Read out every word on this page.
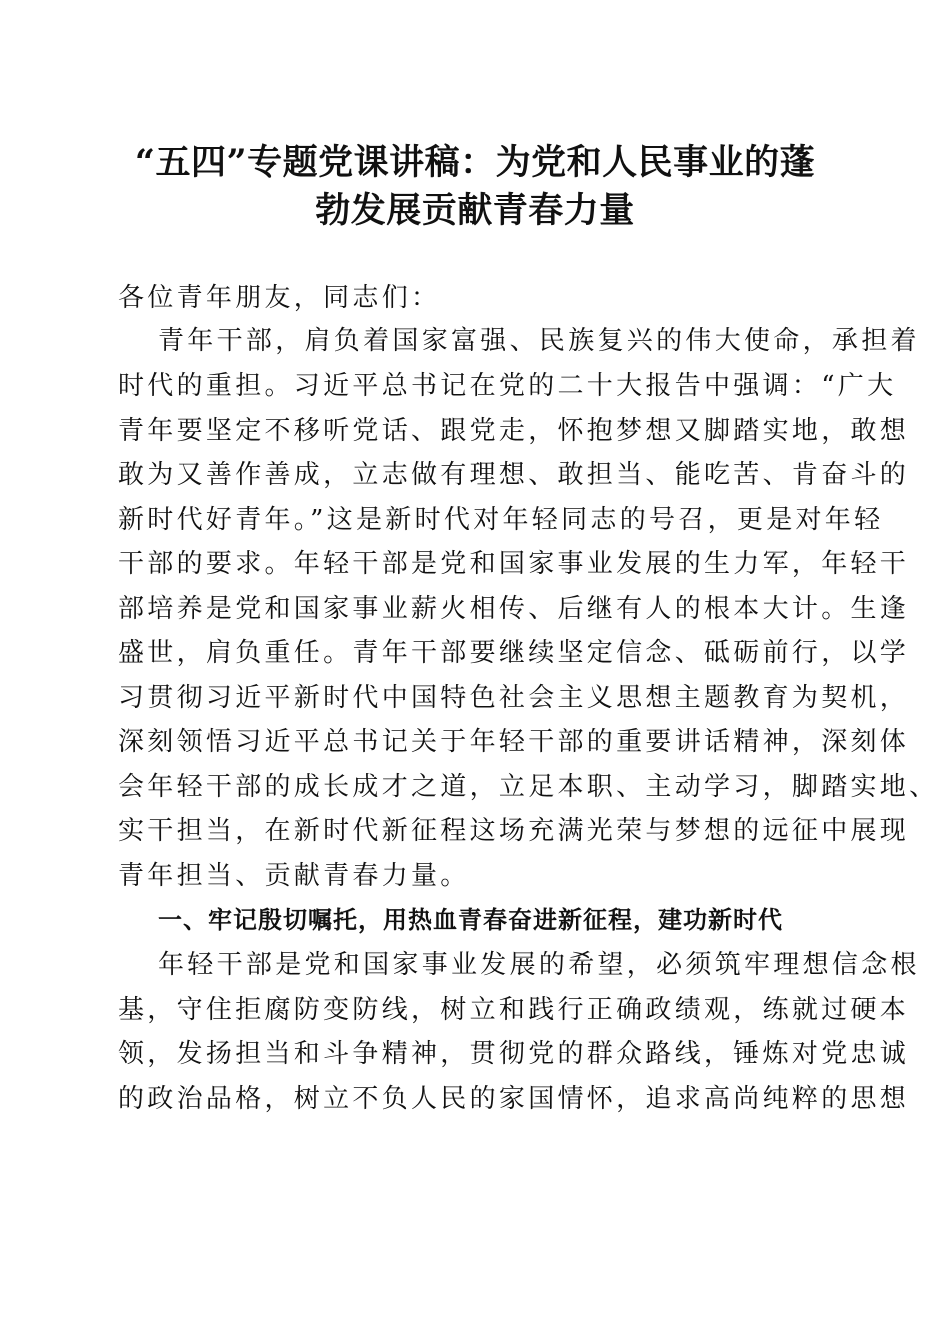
“五四”专题党课讲稿：为党和人民事业的蓬
勃发展贡献青春力量
各位青年朋友，同志们：
青年干部，肩负着国家富强、民族复兴的伟大使命，承担着
时代的重担。习近平总书记在党的二十大报告中强调：“广大
青年要坚定不移听党话、跟党走，怀抱梦想又脚踏实地，敢想
敢为又善作善成，立志做有理想、敢担当、能吃苦、肯奋斗的
新时代好青年。”这是新时代对年轻同志的号召，更是对年轻
干部的要求。年轻干部是党和国家事业发展的生力军，年轻干
部培养是党和国家事业薪火相传、后继有人的根本大计。生逢
盛世，肩负重任。青年干部要继续坚定信念、砥砺前行，以学
习贯彻习近平新时代中国特色社会主义思想主题教育为契机，
深刻领悟习近平总书记关于年轻干部的重要讲话精神，深刻体
会年轻干部的成长成才之道，立足本职、主动学习，脚踏实地、
实干担当，在新时代新征程这场充满光荣与梦想的远征中展现
青年担当、贡献青春力量。
一、牢记殷切嘱托，用热血青春奋进新征程，建功新时代
年轻干部是党和国家事业发展的希望，必须筑牢理想信念根
基，守住拒腐防变防线，树立和践行正确政绩观，练就过硬本
领，发扬担当和斗争精神，贯彻党的群众路线，锤炼对党忠诚
的政治品格，树立不负人民的家国情怀，追求高尚纯粹的思想
